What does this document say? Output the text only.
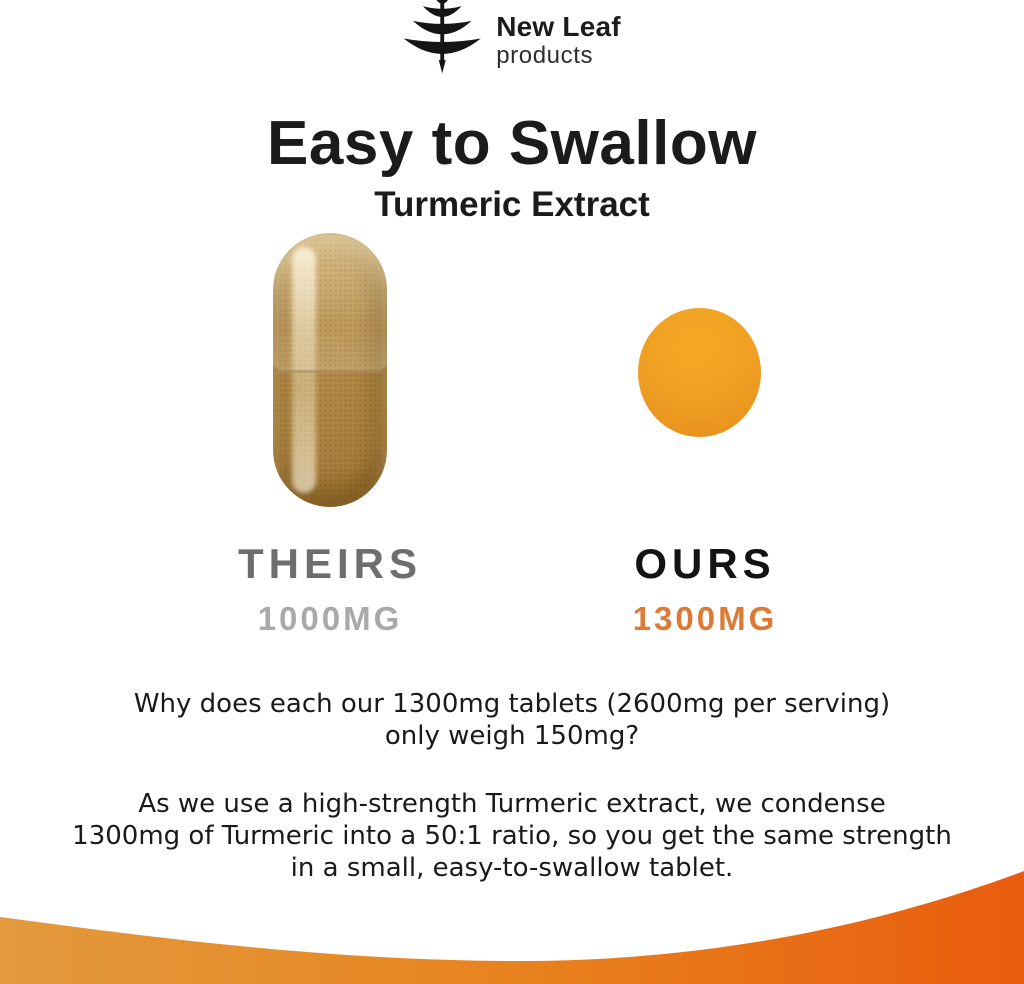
New Leaf
products
Easy to Swallow
Turmeric Extract
THEIRS
1000MG
OURS
1300MG
Why does each our 1300mg tablets (2600mg per serving)
only weigh 150mg?
As we use a high-strength Turmeric extract, we condense
1300mg of Turmeric into a 50:1 ratio, so you get the same strength
in a small, easy-to-swallow tablet.
